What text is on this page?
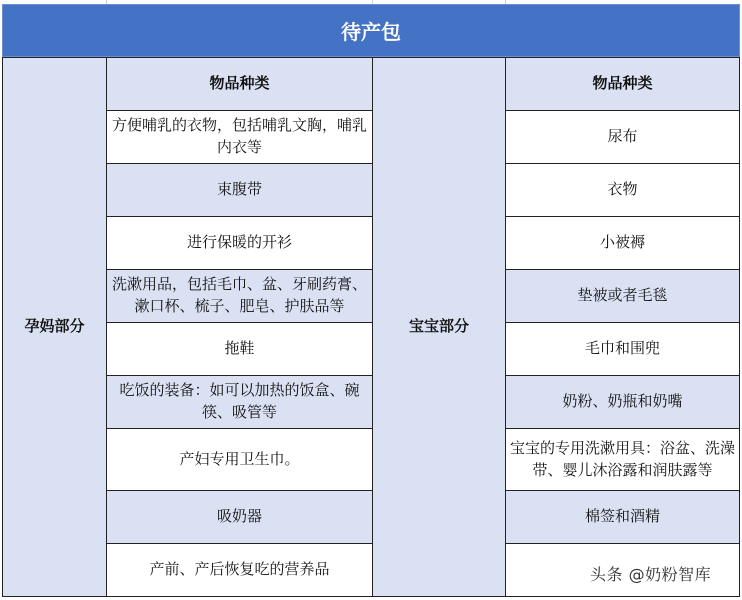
待产包
孕妈部分
物品种类
方便哺乳的衣物，包括哺乳文胸，哺乳内衣等
束腹带
进行保暖的开衫
洗漱用品，包括毛巾、盆、牙刷药膏、漱口杯、梳子、肥皂、护肤品等
拖鞋
吃饭的装备：如可以加热的饭盒、碗筷、吸管等
产妇专用卫生巾。
吸奶器
产前、产后恢复吃的营养品
宝宝部分
物品种类
尿布
衣物
小被褥
垫被或者毛毯
毛巾和围兜
奶粉、奶瓶和奶嘴
宝宝的专用洗漱用具：浴盆、洗澡带、婴儿沐浴露和润肤露等
棉签和酒精
头条 @奶粉智库
